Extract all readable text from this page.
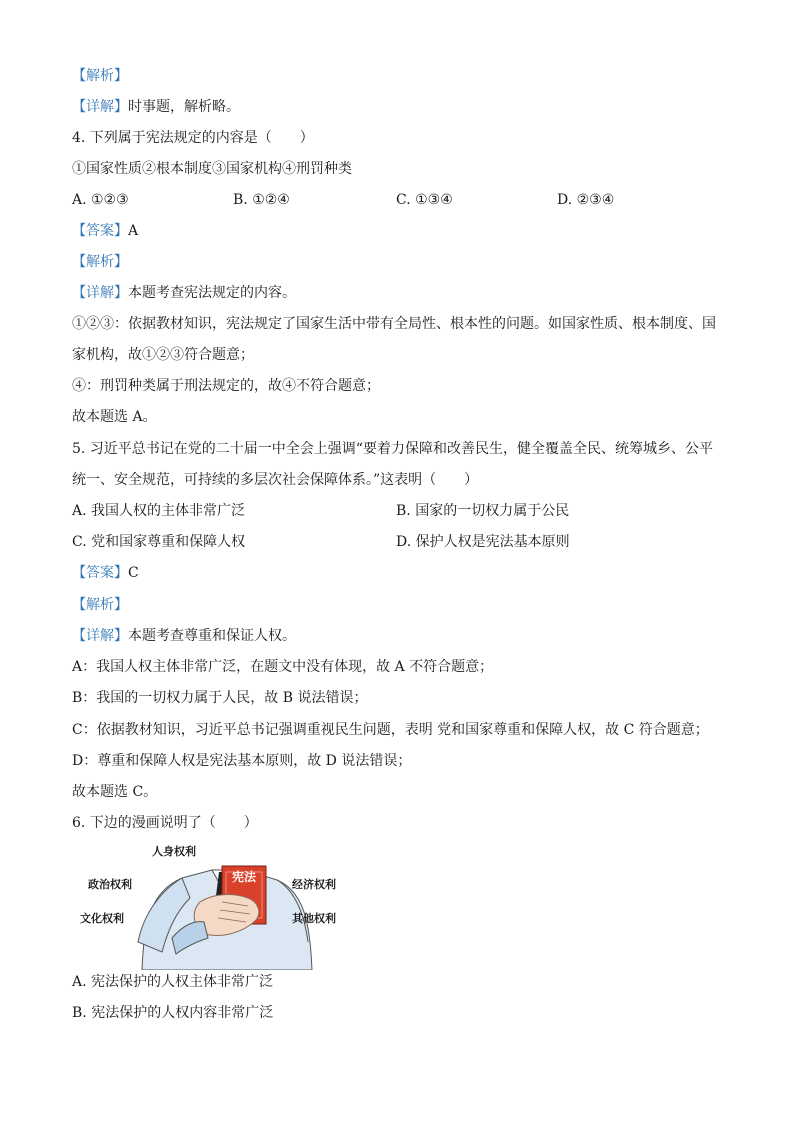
【解析】
【详解】时事题，解析略。
4. 下列属于宪法规定的内容是（　　）
①国家性质②根本制度③国家机构④刑罚种类
A. ①②③	B. ①②④	C. ①③④	D. ②③④
【答案】A
【解析】
【详解】本题考查宪法规定的内容。
①②③：依据教材知识，宪法规定了国家生活中带有全局性、根本性的问题。如国家性质、根本制度、国
家机构，故①②③符合题意；
④：刑罚种类属于刑法规定的，故④不符合题意；
故本题选 A。
5. 习近平总书记在党的二十届一中全会上强调“要着力保障和改善民生，健全覆盖全民、统筹城乡、公平
统一、安全规范，可持续的多层次社会保障体系。”这表明（　　）
A. 我国人权的主体非常广泛	B. 国家的一切权力属于公民
C. 党和国家尊重和保障人权	D. 保护人权是宪法基本原则
【答案】C
【解析】
【详解】本题考查尊重和保证人权。
A：我国人权主体非常广泛，在题文中没有体现，故 A 不符合题意；
B：我国的一切权力属于人民，故 B 说法错误；
C：依据教材知识，习近平总书记强调重视民生问题，表明 党和国家尊重和保障人权，故 C 符合题意；
D：尊重和保障人权是宪法基本原则，故 D 说法错误；
故本题选 C。
6. 下边的漫画说明了（　　）
宪法
人身权利
政治权利
文化权利
经济权利
其他权利
A. 宪法保护的人权主体非常广泛
B. 宪法保护的人权内容非常广泛
